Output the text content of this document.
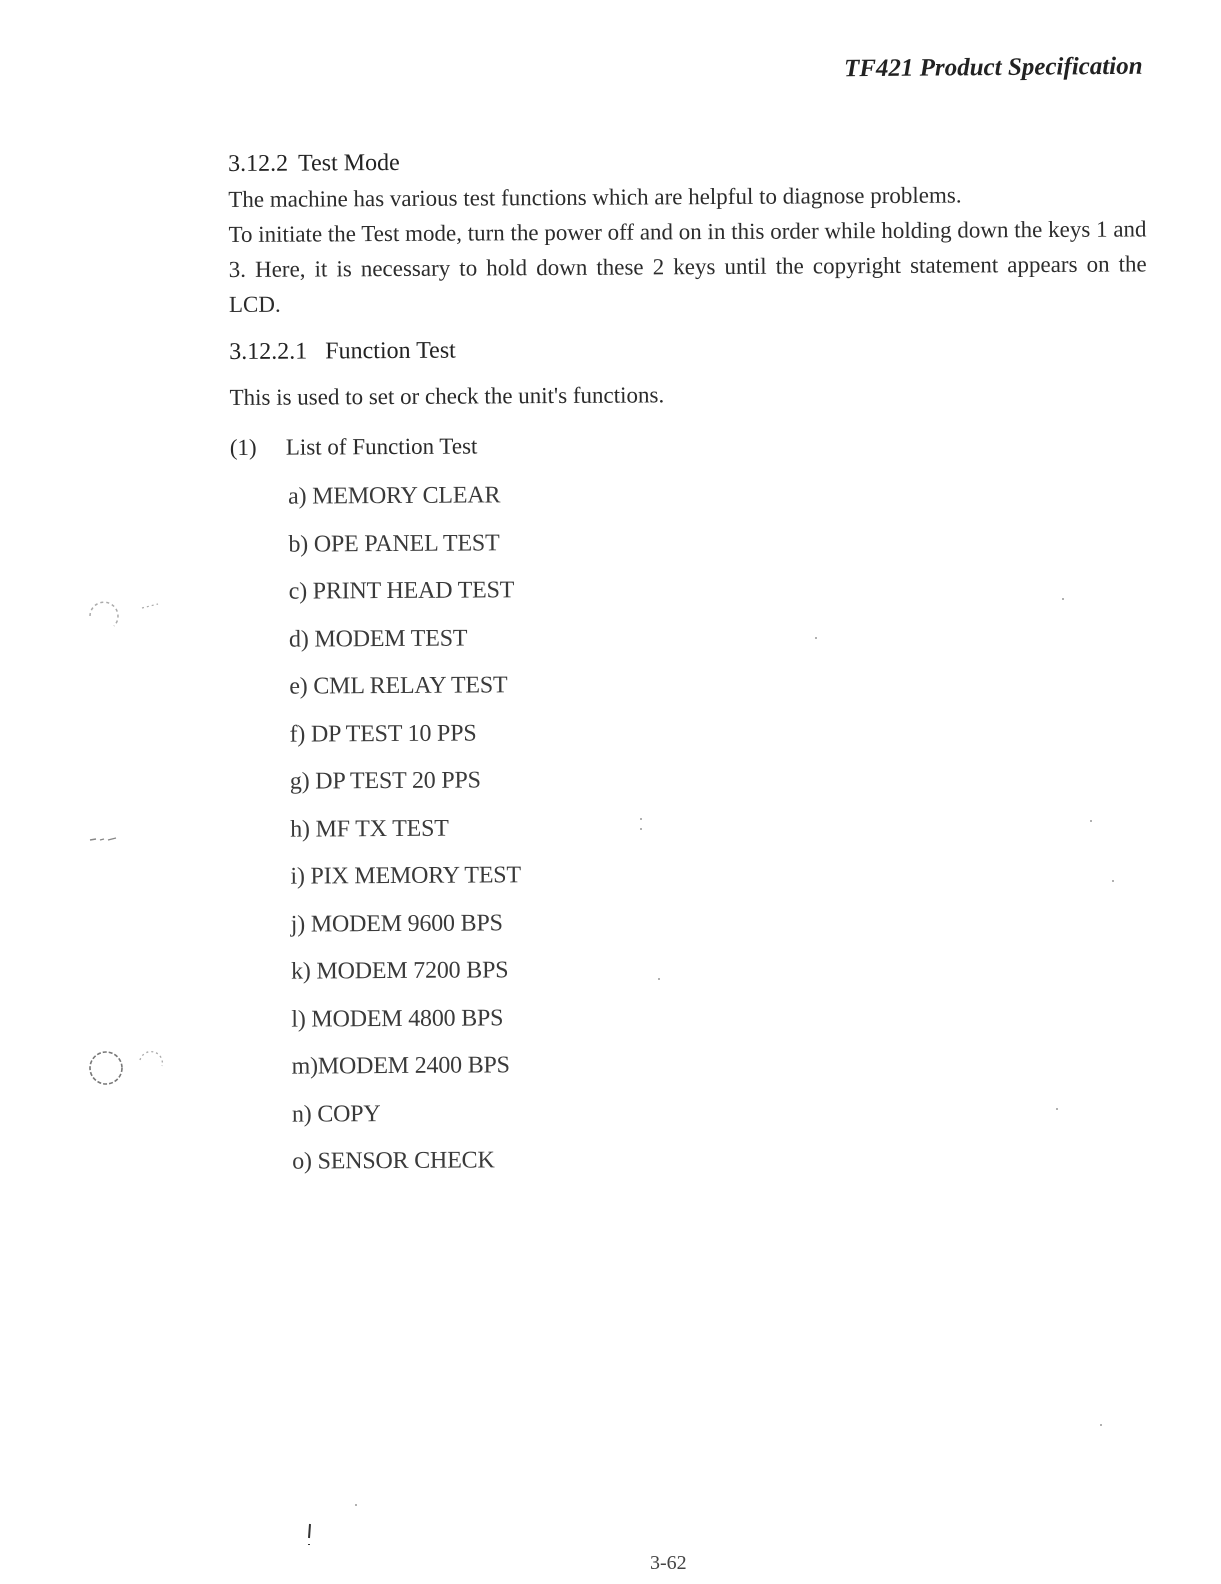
TF421 Product Specification
3.12.2 Test Mode

The machine has various test functions which are helpful to diagnose problems.

To initiate the Test mode, turn the power off and on in this order while holding down the keys 1 and 3. Here, it is necessary to hold down these 2 keys until the copyright statement appears on the LCD.

3.12.2.1 Function Test
This is used to set or check the unit's functions.
(1) List of Function Test
a) MEMORY CLEAR
b) OPE PANEL TEST
c) PRINT HEAD TEST
d) MODEM TEST
e) CML RELAY TEST
f) DP TEST 10 PPS
g) DP TEST 20 PPS
h) MF TX TEST
i) PIX MEMORY TEST
j) MODEM 9600 BPS
k) MODEM 7200 BPS
l) MODEM 4800 BPS
m)MODEM 2400 BPS
n) COPY
o) SENSOR CHECK
3-62
